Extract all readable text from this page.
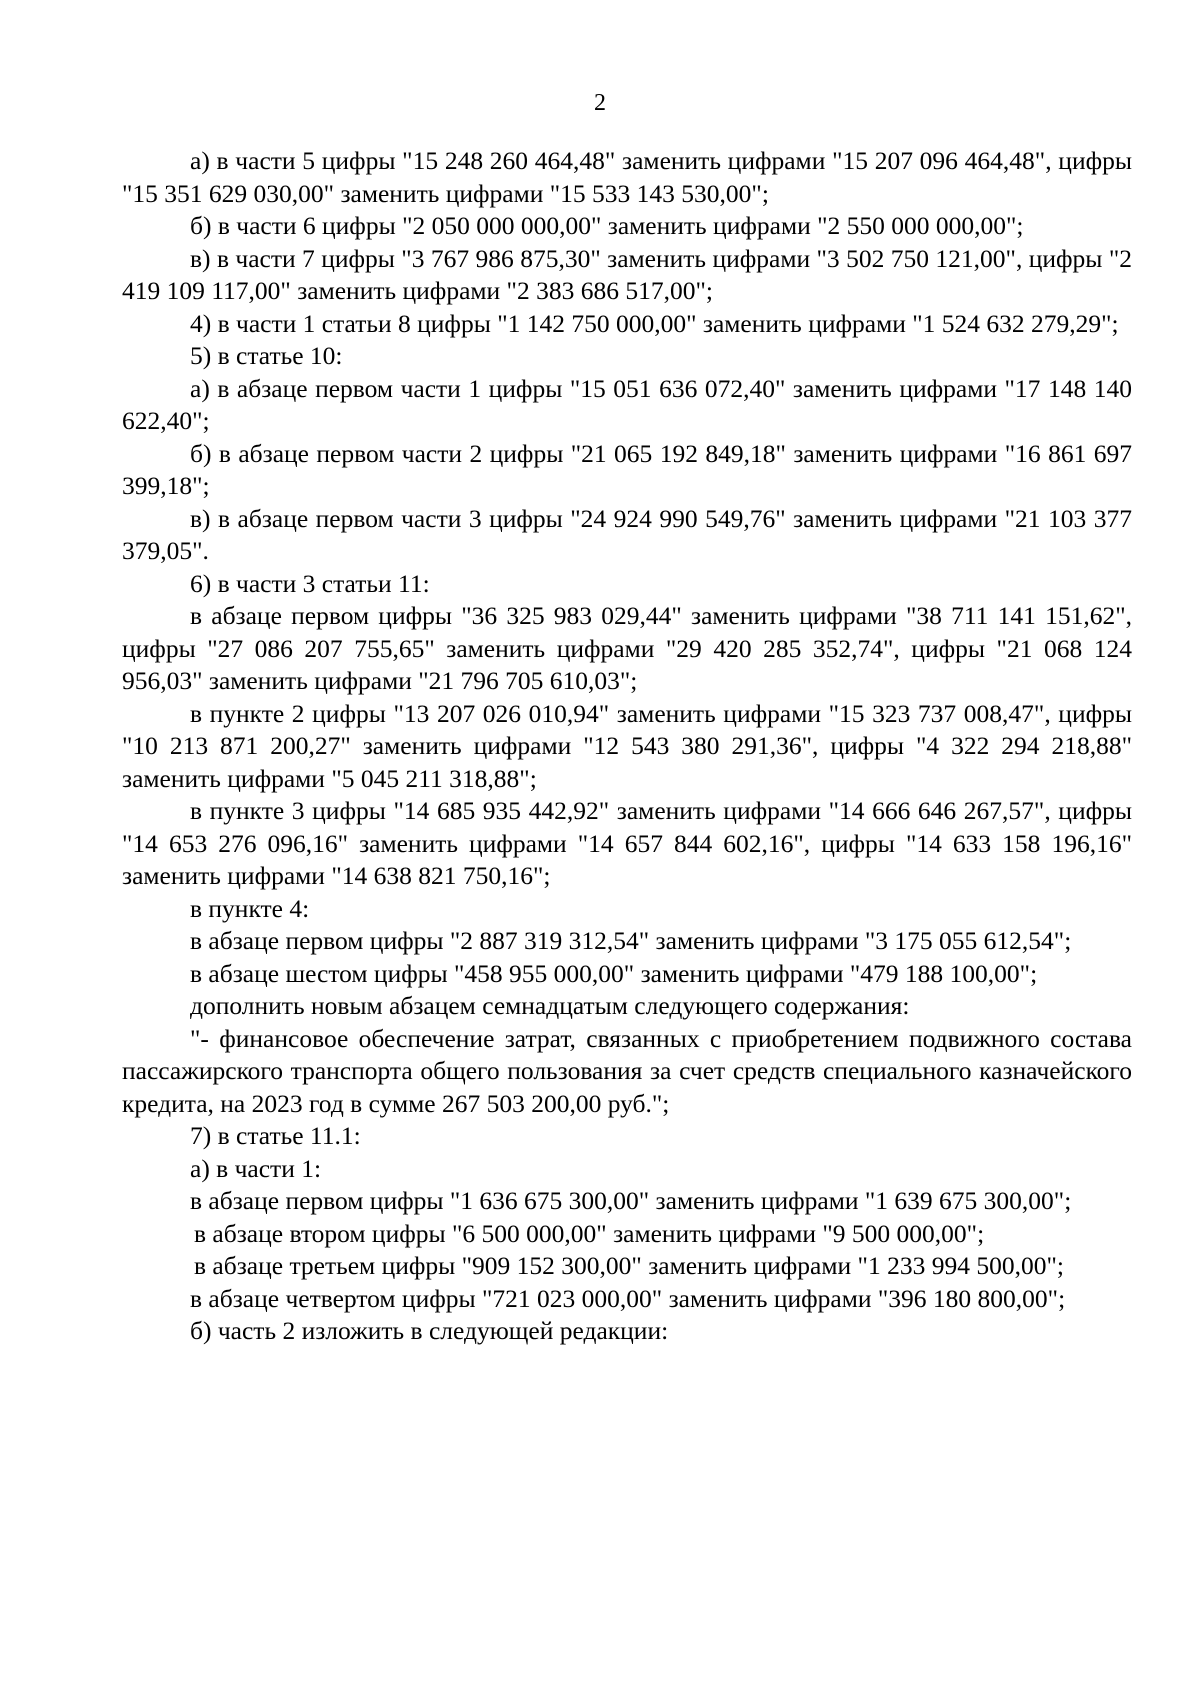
2

а) в части 5 цифры "15 248 260 464,48" заменить цифрами "15 207 096 464,48", цифры "15 351 629 030,00" заменить цифрами "15 533 143 530,00";

б) в части 6 цифры "2 050 000 000,00" заменить цифрами "2 550 000 000,00";

в) в части 7 цифры "3 767 986 875,30" заменить цифрами "3 502 750 121,00", цифры "2 419 109 117,00" заменить цифрами "2 383 686 517,00";

4) в части 1 статьи 8 цифры "1 142 750 000,00" заменить цифрами "1 524 632 279,29";

5) в статье 10:

а) в абзаце первом части 1 цифры "15 051 636 072,40" заменить цифрами "17 148 140 622,40";

б) в абзаце первом части 2 цифры "21 065 192 849,18" заменить цифрами "16 861 697 399,18";

в) в абзаце первом части 3 цифры "24 924 990 549,76" заменить цифрами "21 103 377 379,05".

6) в части 3 статьи 11:

в абзаце первом цифры "36 325 983 029,44" заменить цифрами "38 711 141 151,62", цифры "27 086 207 755,65" заменить цифрами "29 420 285 352,74", цифры "21 068 124 956,03" заменить цифрами "21 796 705 610,03";

в пункте 2 цифры "13 207 026 010,94" заменить цифрами "15 323 737 008,47", цифры "10 213 871 200,27" заменить цифрами "12 543 380 291,36", цифры "4 322 294 218,88" заменить цифрами "5 045 211 318,88";

в пункте 3 цифры "14 685 935 442,92" заменить цифрами "14 666 646 267,57", цифры "14 653 276 096,16" заменить цифрами "14 657 844 602,16", цифры "14 633 158 196,16" заменить цифрами "14 638 821 750,16";

в пункте 4:

в абзаце первом цифры "2 887 319 312,54" заменить цифрами "3 175 055 612,54";

в абзаце шестом цифры "458 955 000,00" заменить цифрами "479 188 100,00";

дополнить новым абзацем семнадцатым следующего содержания:

"- финансовое обеспечение затрат, связанных с приобретением подвижного состава пассажирского транспорта общего пользования за счет средств специального казначейского кредита, на 2023 год в сумме 267 503 200,00 руб.";

7) в статье 11.1:

а) в части 1:

в абзаце первом цифры "1 636 675 300,00" заменить цифрами "1 639 675 300,00";

в абзаце втором цифры "6 500 000,00" заменить цифрами "9 500 000,00";

в абзаце третьем цифры "909 152 300,00" заменить цифрами "1 233 994 500,00";

в абзаце четвертом цифры "721 023 000,00" заменить цифрами "396 180 800,00";

б) часть 2 изложить в следующей редакции:
